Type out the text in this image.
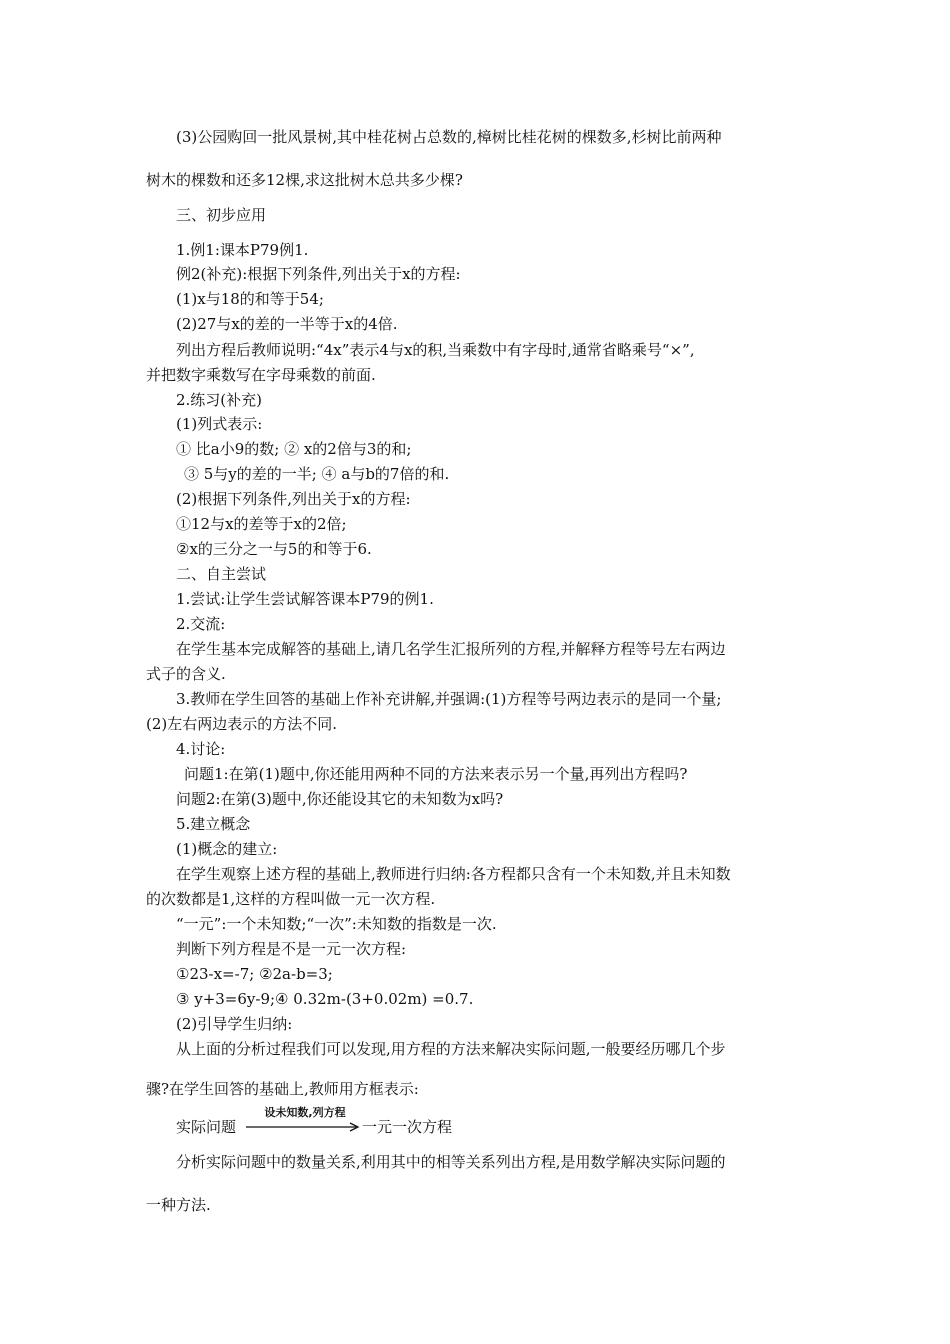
(3)公园购回一批风景树,其中桂花树占总数的,樟树比桂花树的棵数多,杉树比前两种
树木的棵数和还多12棵,求这批树木总共多少棵?
三、初步应用
1.例1:课本P79例1.
例2(补充):根据下列条件,列出关于x的方程:
(1)x与18的和等于54;
(2)27与x的差的一半等于x的4倍.
列出方程后教师说明:“4x”表示4与x的积,当乘数中有字母时,通常省略乘号“×”,
并把数字乘数写在字母乘数的前面.
2.练习(补充)
(1)列式表示:
① 比a小9的数; ② x的2倍与3的和;
③ 5与y的差的一半; ④ a与b的7倍的和.
(2)根据下列条件,列出关于x的方程:
①12与x的差等于x的2倍;
②x的三分之一与5的和等于6.
二、自主尝试
1.尝试:让学生尝试解答课本P79的例1.
2.交流:
在学生基本完成解答的基础上,请几名学生汇报所列的方程,并解释方程等号左右两边
式子的含义.
3.教师在学生回答的基础上作补充讲解,并强调:(1)方程等号两边表示的是同一个量;
(2)左右两边表示的方法不同.
4.讨论:
问题1:在第(1)题中,你还能用两种不同的方法来表示另一个量,再列出方程吗?
问题2:在第(3)题中,你还能设其它的未知数为x吗?
5.建立概念
(1)概念的建立:
在学生观察上述方程的基础上,教师进行归纳:各方程都只含有一个未知数,并且未知数
的次数都是1,这样的方程叫做一元一次方程.
“一元”:一个未知数;“一次”:未知数的指数是一次.
判断下列方程是不是一元一次方程:
①23-x=-7; ②2a-b=3;
③ y+3=6y-9;④ 0.32m-(3+0.02m) =0.7.
(2)引导学生归纳:
从上面的分析过程我们可以发现,用方程的方法来解决实际问题,一般要经历哪几个步
骤?在学生回答的基础上,教师用方框表示:
实际问题
设未知数,列方程
一元一次方程
分析实际问题中的数量关系,利用其中的相等关系列出方程,是用数学解决实际问题的
一种方法.
